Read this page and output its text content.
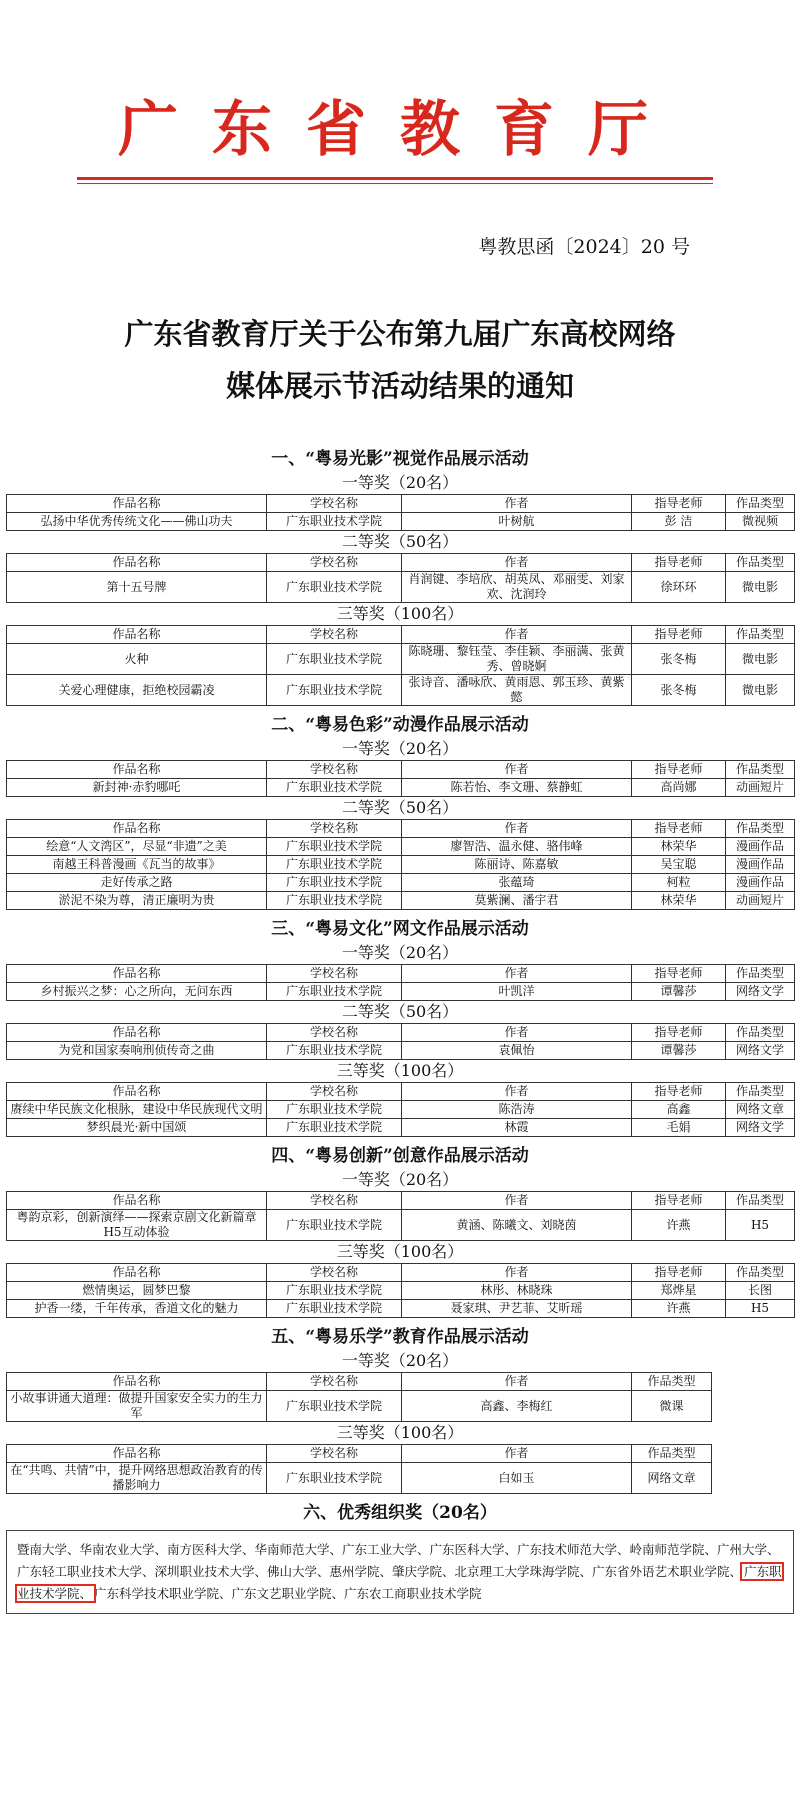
广东省教育厅
粤教思函〔2024〕20 号
广东省教育厅关于公布第九届广东高校网络
媒体展示节活动结果的通知
一、“粤易光影”视觉作品展示活动
一等奖（20名）
作品名称	学校名称	作者	指导老师	作品类型
弘扬中华优秀传统文化——佛山功夫	广东职业技术学院	叶树航	彭 洁	微视频
二等奖（50名）
作品名称	学校名称	作者	指导老师	作品类型
第十五号牌	广东职业技术学院	肖润键、李培欣、胡英凤、邓丽雯、刘家欢、沈润玲	徐环环	微电影
三等奖（100名）
作品名称	学校名称	作者	指导老师	作品类型
火种	广东职业技术学院	陈晓珊、黎钰莹、李佳颖、李丽满、张黄秀、曾晓婀	张冬梅	微电影
关爱心理健康，拒绝校园霸凌	广东职业技术学院	张诗音、潘咏欣、黄雨恩、郭玉珍、黄紫懿	张冬梅	微电影
二、“粤易色彩”动漫作品展示活动
一等奖（20名）
作品名称	学校名称	作者	指导老师	作品类型
新封神·赤豹哪吒	广东职业技术学院	陈若怡、李文珊、蔡静虹	高尚娜	动画短片
二等奖（50名）
作品名称	学校名称	作者	指导老师	作品类型
绘意“人文湾区”，尽显“非遗”之美	广东职业技术学院	廖智浩、温永健、骆伟峰	林荣华	漫画作品
南越王科普漫画《瓦当的故事》	广东职业技术学院	陈丽诗、陈嘉敏	吴宝聪	漫画作品
走好传承之路	广东职业技术学院	张蕴琦	柯粒	漫画作品
淤泥不染为尊，清正廉明为贵	广东职业技术学院	莫紫澜、潘宇君	林荣华	动画短片
三、“粤易文化”网文作品展示活动
一等奖（20名）
作品名称	学校名称	作者	指导老师	作品类型
乡村振兴之梦：心之所向，无问东西	广东职业技术学院	叶凯洋	谭馨莎	网络文学
二等奖（50名）
作品名称	学校名称	作者	指导老师	作品类型
为党和国家奏响刑侦传奇之曲	广东职业技术学院	袁佩怡	谭馨莎	网络文学
三等奖（100名）
作品名称	学校名称	作者	指导老师	作品类型
赓续中华民族文化根脉，建设中华民族现代文明	广东职业技术学院	陈浩涛	高鑫	网络文章
梦织晨光·新中国颂	广东职业技术学院	林霞	毛娟	网络文学
四、“粤易创新”创意作品展示活动
一等奖（20名）
作品名称	学校名称	作者	指导老师	作品类型
粤韵京彩，创新演绎——探索京剧文化新篇章H5互动体验	广东职业技术学院	黄涵、陈曦文、刘晓茵	许燕	H5
三等奖（100名）
作品名称	学校名称	作者	指导老师	作品类型
燃情奥运，圆梦巴黎	广东职业技术学院	林彤、林晓珠	郑烨星	长图
护香一缕，千年传承，香道文化的魅力	广东职业技术学院	聂家琪、尹艺菲、艾昕瑶	许燕	H5
五、“粤易乐学”教育作品展示活动
一等奖（20名）
作品名称	学校名称	作者	作品类型
小故事讲通大道理：做提升国家安全实力的生力军	广东职业技术学院	高鑫、李梅红	微课
三等奖（100名）
作品名称	学校名称	作者	作品类型
在“共鸣、共情”中，提升网络思想政治教育的传播影响力	广东职业技术学院	白如玉	网络文章
六、优秀组织奖（20名）
暨南大学、华南农业大学、南方医科大学、华南师范大学、广东工业大学、广东医科大学、广东技术师范大学、岭南师范学院、广州大学、广东轻工职业技术大学、深圳职业技术大学、佛山大学、惠州学院、肇庆学院、北京理工大学珠海学院、广东省外语艺术职业学院、 广东职业技术学院、 广东科学技术职业学院、广东文艺职业学院、广东农工商职业技术学院
